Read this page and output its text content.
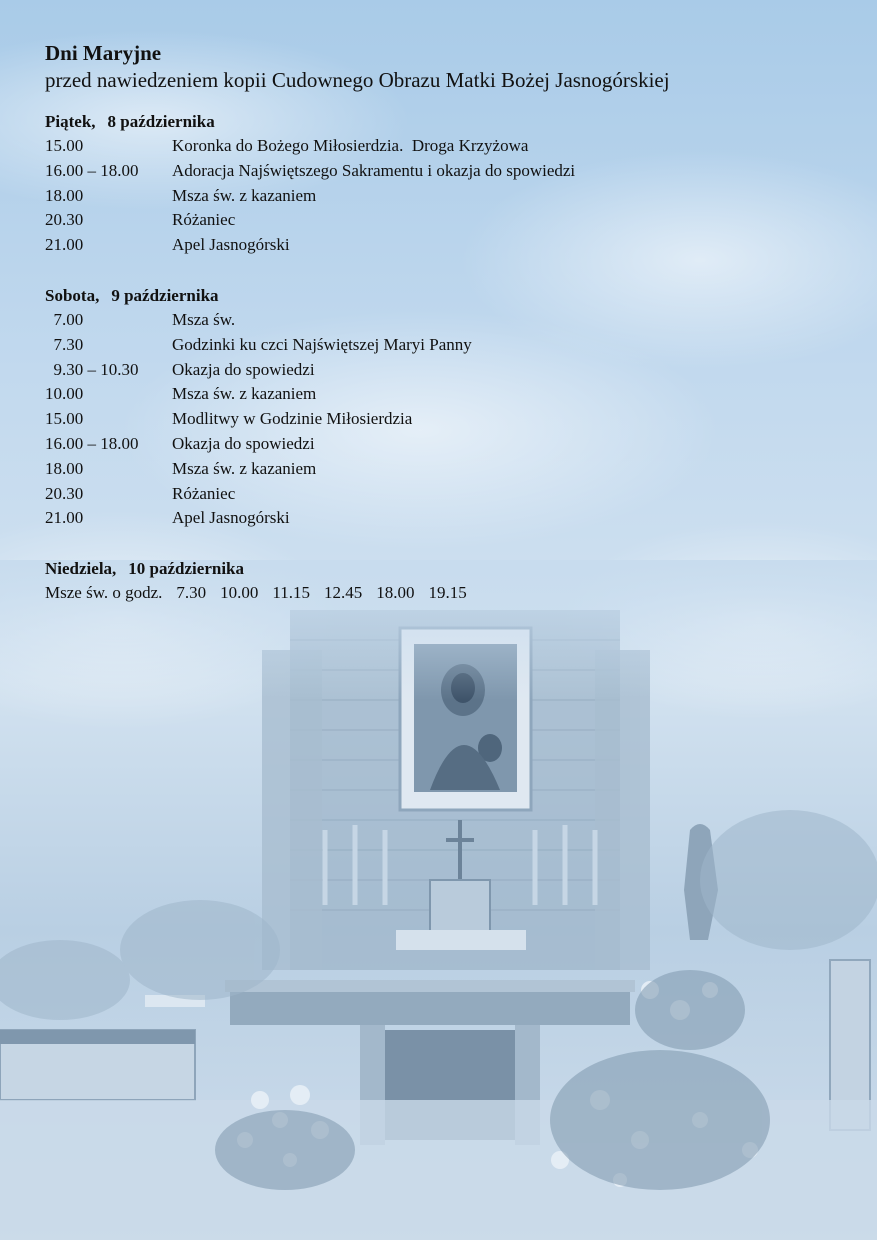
Dni Maryjne

przed nawiedzeniem kopii Cudownego Obrazu Matki Bożej Jasnogórskiej

Piątek, 8 października
15.00	Koronka do Bożego Miłosierdzia.  Droga Krzyżowa
16.00 – 18.00	Adoracja Najświętszego Sakramentu i okazja do spowiedzi
18.00	Msza św. z kazaniem
20.30	Różaniec
21.00	Apel Jasnogórski
Sobota, 9 października
7.00	Msza św.
7.30	Godzinki ku czci Najświętszej Maryi Panny
9.30 – 10.30	Okazja do spowiedzi
10.00	Msza św. z kazaniem
15.00	Modlitwy w Godzinie Miłosierdzia
16.00 – 18.00	Okazja do spowiedzi
18.00	Msza św. z kazaniem
20.30	Różaniec
21.00	Apel Jasnogórski
Niedziela, 10 października
Msze św. o godz. 7.30 10.00 11.15 12.45 18.00 19.15
